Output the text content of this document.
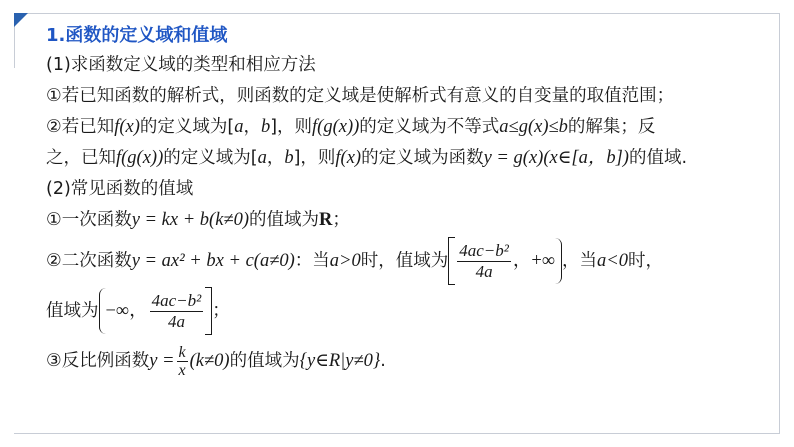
1.函数的定义域和值域
(1)求函数定义域的类型和相应方法
①若已知函数的解析式，则函数的定义域是使解析式有意义的自变量的取值范围；
②若已知f(x)的定义域为[a，b]，则f(g(x))的定义域为不等式a≤g(x)≤b的解集；反
之，已知f(g(x))的定义域为[a，b]，则f(x)的定义域为函数y = g(x)(x∈[a，b])的值域.
(2)常见函数的值域
①一次函数y = kx + b(k≠0)的值域为R；
②二次函数y = ax² + bx + c(a≠0)：当a>0时，值域为 $\frac{\text{4ac−b²}}{4a}$ ，+∞ ，当a<0时，
值域为 −∞， $\frac{\text{4ac−b²}}{4a}$ ；
③反比例函数$y = \frac{k}{x} (k\ne 0)$的值域为{y∈R|y≠0}.
